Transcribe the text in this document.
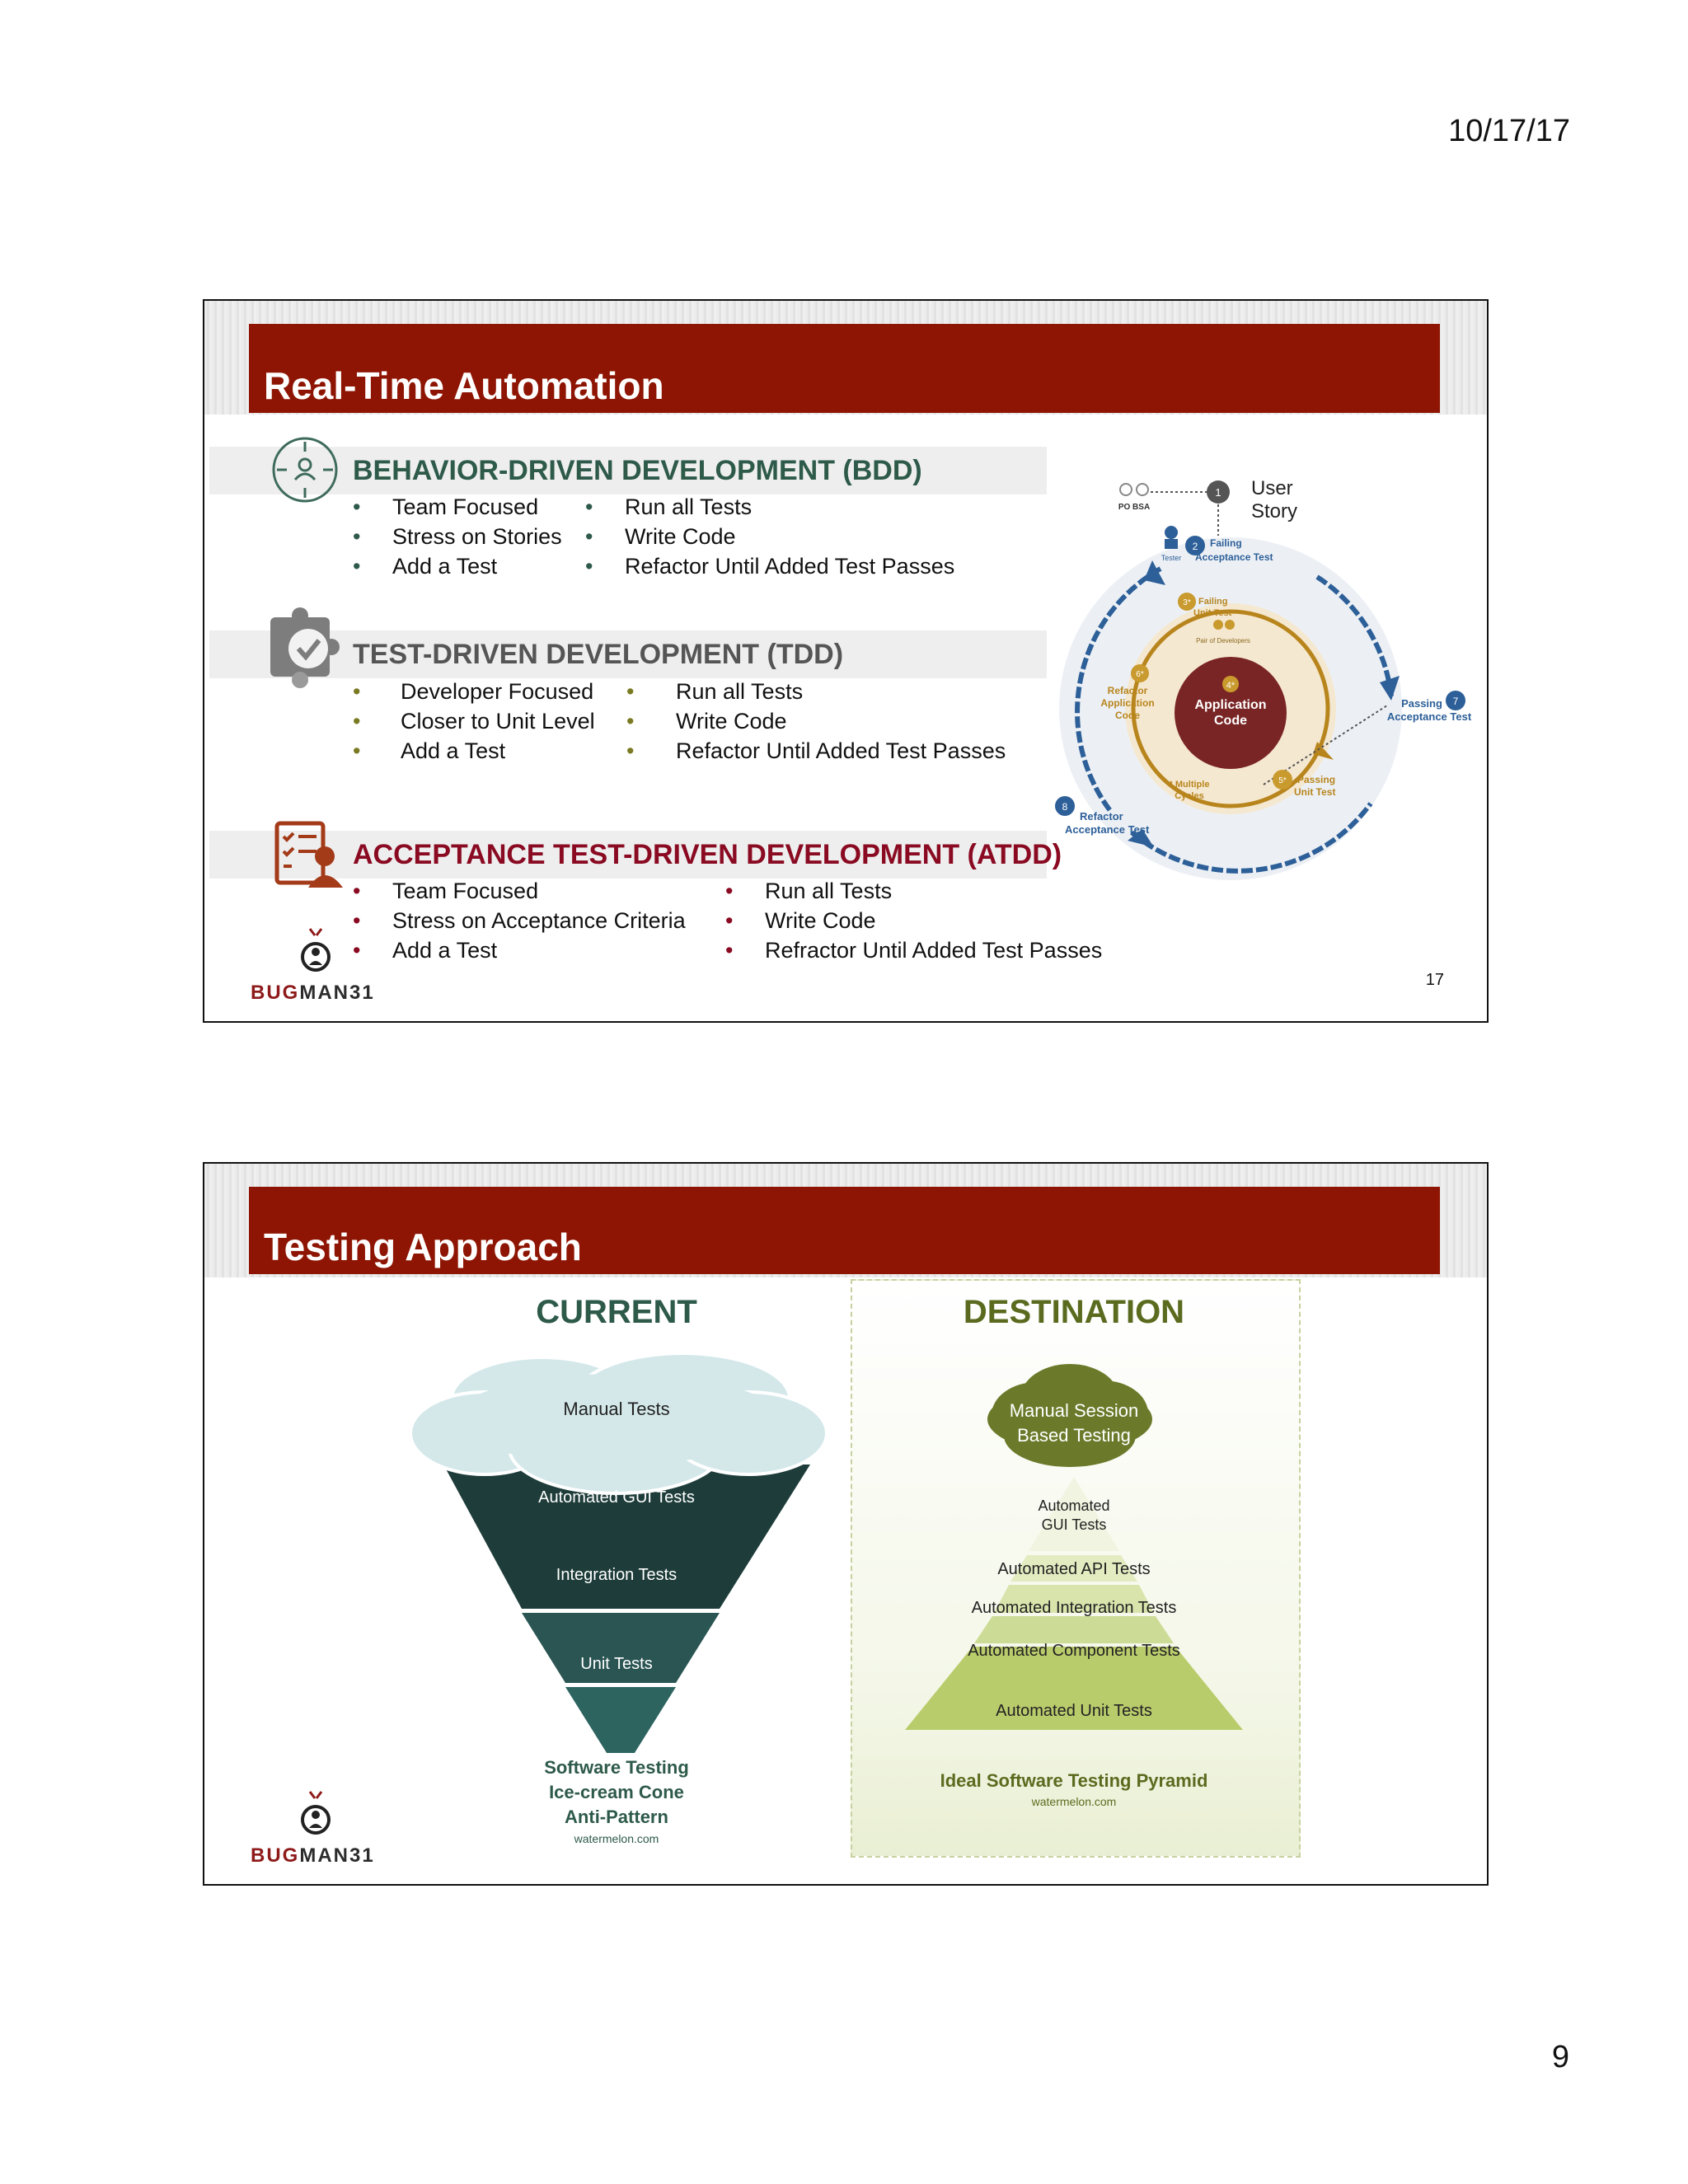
10/17/17
Real-Time Automation
BEHAVIOR-DRIVEN DEVELOPMENT (BDD)
• Team Focused
• Stress on Stories
• Add a Test
• Run all Tests
• Write Code
• Refactor Until Added Test Passes
TEST-DRIVEN DEVELOPMENT (TDD)
• Developer Focused
• Closer to Unit Level
• Add a Test
• Run all Tests
• Write Code
• Refactor Until Added Test Passes
ACCEPTANCE TEST-DRIVEN DEVELOPMENT (ATDD)
• Team Focused
• Stress on Acceptance Criteria
• Add a Test
• Run all Tests
• Write Code
• Refractor Until Added Test Passes
Application
Code
4*
PO BSA
1 User
Story
Tester
2 Failing
Acceptance Test
3* Failing
Unit Test
Pair of Developers
6*
Refactor
Application
Code
* Multiple
Cycles
5* Passing
Unit Test
7
Passing
Acceptance Test
8
Refactor
Acceptance Test
BUGMAN31
17
Testing Approach
CURRENT
Manual Tests
Automated GUI Tests
Integration Tests
Unit Tests
Software Testing
Ice-cream Cone
Anti-Pattern
watermelon.com
DESTINATION
Manual Session
Based Testing
Automated GUI Tests
Automated API Tests
Automated Integration Tests
Automated Component Tests
Automated Unit Tests
Ideal Software Testing Pyramid
watermelon.com
BUGMAN31
9
